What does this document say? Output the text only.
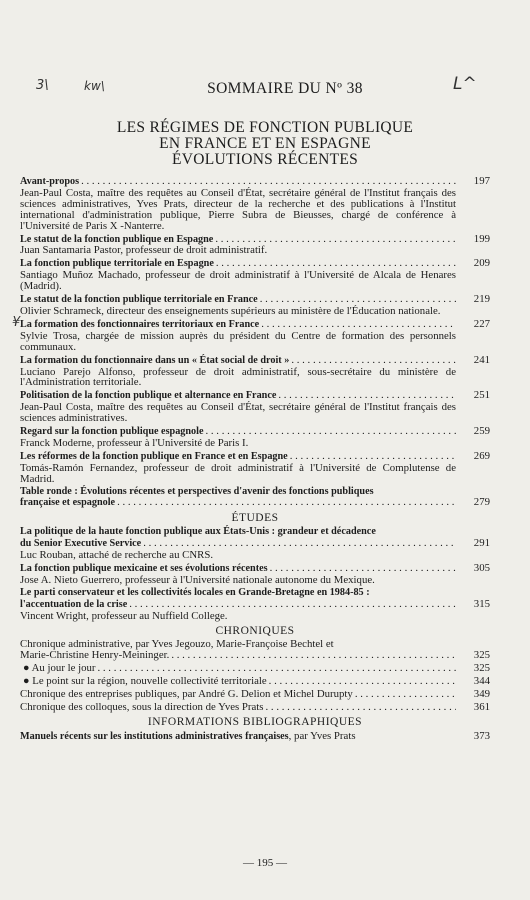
3\	kw\	L^
¥
SOMMAIRE DU Nº 38
LES RÉGIMES DE FONCTION PUBLIQUE
EN FRANCE ET EN ESPAGNE
ÉVOLUTIONS RÉCENTES
Avant-propos . . .	197
Jean-Paul Costa, maître des requêtes au Conseil d'État, secrétaire général de l'Institut français des sciences administratives, Yves Prats, directeur de la recherche et des publications à l'Institut international d'administration publique, Pierre Subra de Bieusses, chargé de conférence à l'Université de Paris X -Nanterre.
Le statut de la fonction publique en Espagne . . .	199
Juan Santamaria Pastor, professeur de droit administratif.
La fonction publique territoriale en Espagne . . .	209
Santiago Muñoz Machado, professeur de droit administratif à l'Université de Alcala de Henares (Madrid).
Le statut de la fonction publique territoriale en France . . .	219
Olivier Schrameck, directeur des enseignements supérieurs au ministère de l'Éducation nationale.
La formation des fonctionnaires territoriaux en France . . .	227
Sylvie Trosa, chargée de mission auprès du président du Centre de formation des personnels communaux.
La formation du fonctionnaire dans un « État social de droit » . . .	241
Luciano Parejo Alfonso, professeur de droit administratif, sous-secrétaire du ministère de l'Administration territoriale.
Politisation de la fonction publique et alternance en France . . .	251
Jean-Paul Costa, maître des requêtes au Conseil d'État, secrétaire général de l'Institut français des sciences administratives.
Regard sur la fonction publique espagnole . . .	259
Franck Moderne, professeur à l'Université de Paris I.
Les réformes de la fonction publique en France et en Espagne . . .	269
Tomás-Ramón Fernandez, professeur de droit administratif à l'Université de Complutense de Madrid.
Table ronde : Évolutions récentes et perspectives d'avenir des fonctions publiques
française et espagnole . . .	279
ÉTUDES
La politique de la haute fonction publique aux États-Unis : grandeur et décadence
du Senior Executive Service . . .	291
Luc Rouban, attaché de recherche au CNRS.
La fonction publique mexicaine et ses évolutions récentes . . .	305
Jose A. Nieto Guerrero, professeur à l'Université nationale autonome du Mexique.
Le parti conservateur et les collectivités locales en Grande-Bretagne en 1984-85 :
l'accentuation de la crise . . .	315
Vincent Wright, professeur au Nuffield College.
CHRONIQUES
Chronique administrative, par Yves Jegouzo, Marie-Françoise Bechtel et
Marie-Christine Henry-Meininger. . . .	325
● Au jour le jour . . .	325
● Le point sur la région, nouvelle collectivité territoriale . . .	344
Chronique des entreprises publiques, par André G. Delion et Michel Durupty . . .	349
Chronique des colloques, sous la direction de Yves Prats . . .	361
INFORMATIONS BIBLIOGRAPHIQUES
Manuels récents sur les institutions administratives françaises, par Yves Prats	373
— 195 —
